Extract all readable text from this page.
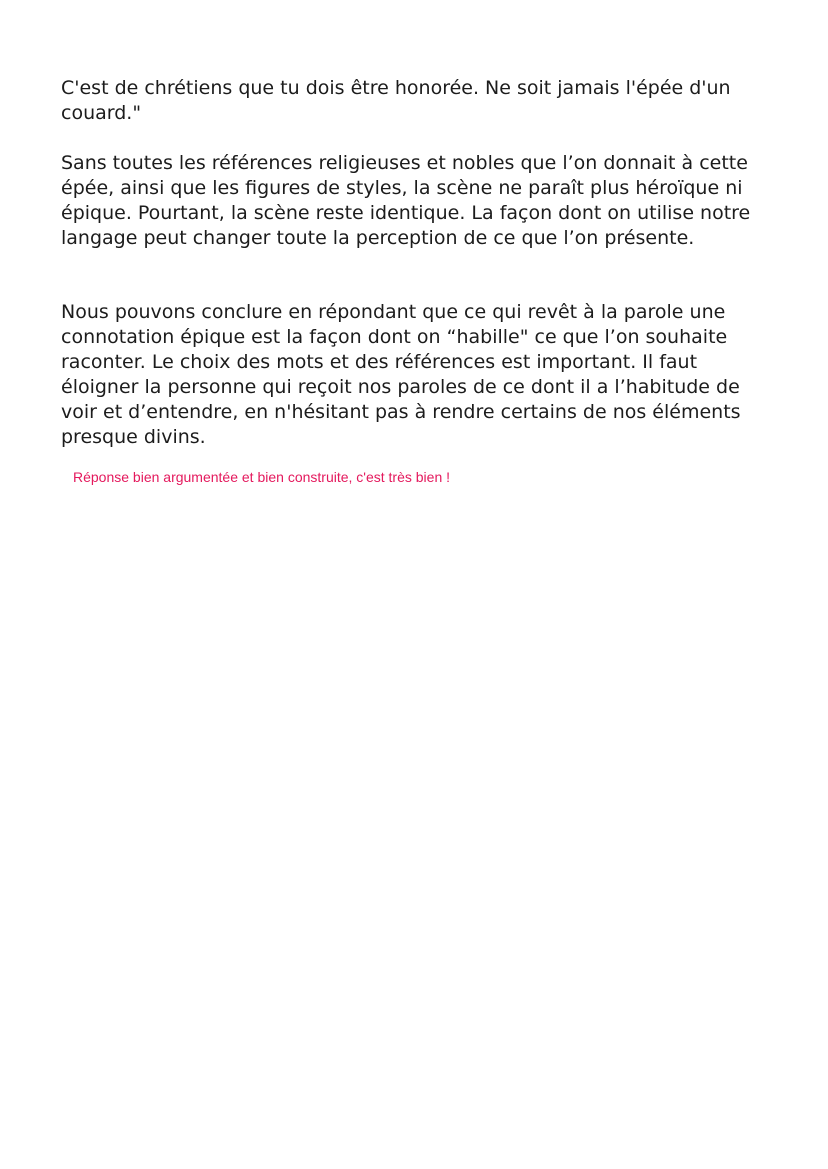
C'est de chrétiens que tu dois être honorée. Ne soit jamais l'épée d'un couard."

Sans toutes les références religieuses et nobles que l’on donnait à cette épée, ainsi que les figures de styles, la scène ne paraît plus héroïque ni épique. Pourtant, la scène reste identique. La façon dont on utilise notre langage peut changer toute la perception de ce que l’on présente.

Nous pouvons conclure en répondant que ce qui revêt à la parole une connotation épique est la façon dont on “habille" ce que l’on souhaite raconter. Le choix des mots et des références est important. Il faut éloigner la personne qui reçoit nos paroles de ce dont il a l’habitude de voir et d’entendre, en n'hésitant pas à rendre certains de nos éléments presque divins.

Réponse bien argumentée et bien construite, c'est très bien !
